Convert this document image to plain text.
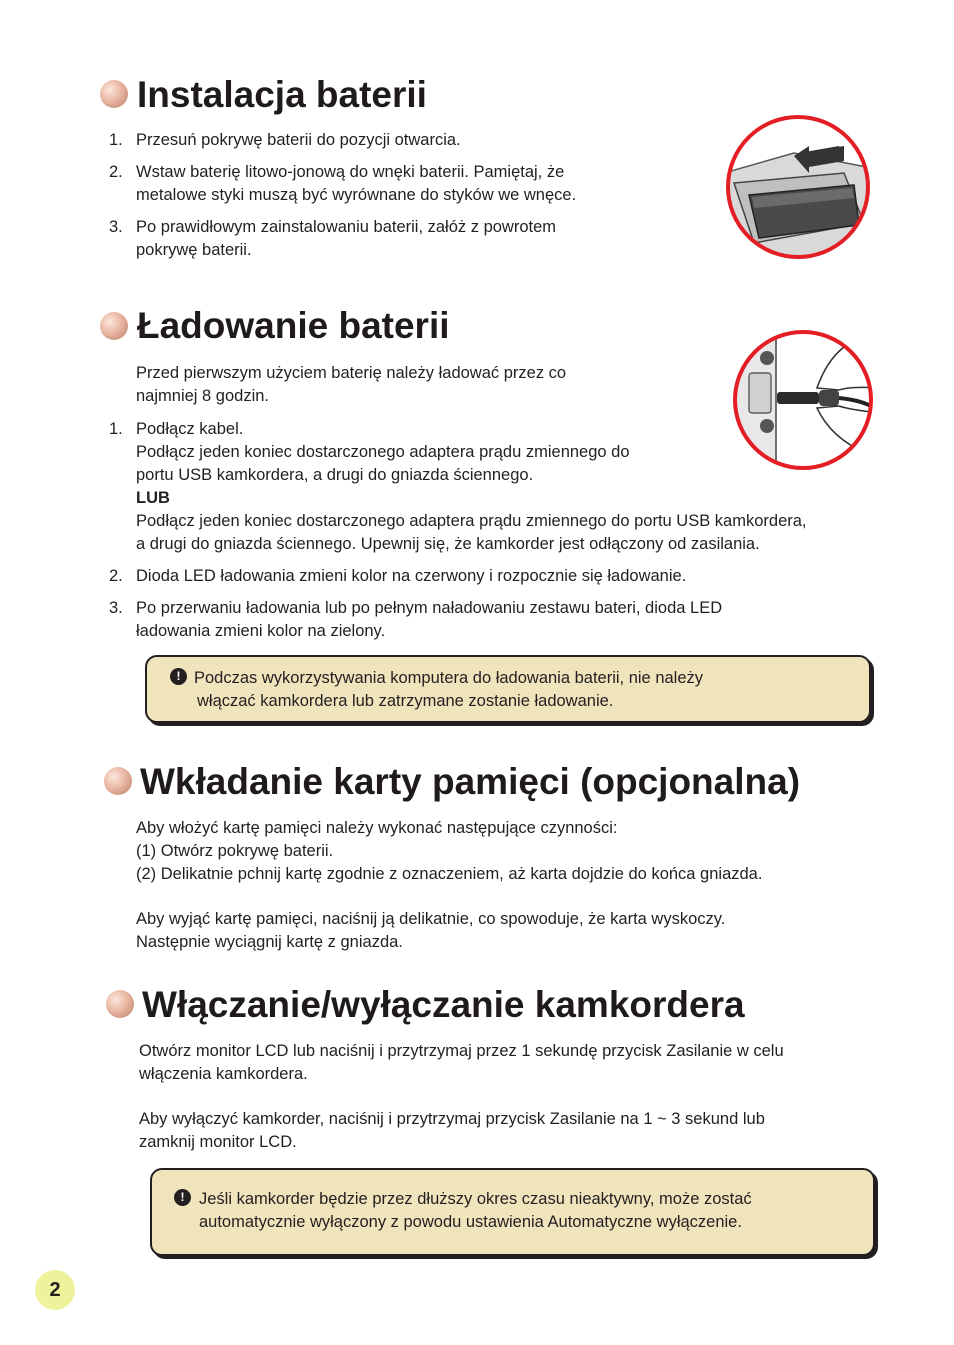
Instalacja baterii
1. Przesuń pokrywę baterii do pozycji otwarcia.
2. Wstaw baterię litowo-jonową do wnęki baterii. Pamiętaj, że
metalowe styki muszą być wyrównane do styków we wnęce.
3. Po prawidłowym zainstalowaniu baterii, załóż z powrotem
pokrywę baterii.
Ładowanie baterii
Przed pierwszym użyciem baterię należy ładować przez co
najmniej 8 godzin.
1. Podłącz kabel.
Podłącz jeden koniec dostarczonego adaptera prądu zmiennego do
portu USB kamkordera, a drugi do gniazda ściennego.
LUB
Podłącz jeden koniec dostarczonego adaptera prądu zmiennego do portu USB kamkordera,
a drugi do gniazda ściennego. Upewnij się, że kamkorder jest odłączony od zasilania.
2. Dioda LED ładowania zmieni kolor na czerwony i rozpocznie się ładowanie.
3. Po przerwaniu ładowania lub po pełnym naładowaniu zestawu bateri, dioda LED
ładowania zmieni kolor na zielony.
! Podczas wykorzystywania komputera do ładowania baterii, nie należy
włączać kamkordera lub zatrzymane zostanie ładowanie.
Wkładanie karty pamięci (opcjonalna)
Aby włożyć kartę pamięci należy wykonać następujące czynności:
(1) Otwórz pokrywę baterii.
(2) Delikatnie pchnij kartę zgodnie z oznaczeniem, aż karta dojdzie do końca gniazda.
Aby wyjąć kartę pamięci, naciśnij ją delikatnie, co spowoduje, że karta wyskoczy.
Następnie wyciągnij kartę z gniazda.
Włączanie/wyłączanie kamkordera
Otwórz monitor LCD lub naciśnij i przytrzymaj przez 1 sekundę przycisk Zasilanie w celu
włączenia kamkordera.
Aby wyłączyć kamkorder, naciśnij i przytrzymaj przycisk Zasilanie na 1 ~ 3 sekund lub
zamknij monitor LCD.
! Jeśli kamkorder będzie przez dłuższy okres czasu nieaktywny, może zostać
automatycznie wyłączony z powodu ustawienia Automatyczne wyłączenie.
2
